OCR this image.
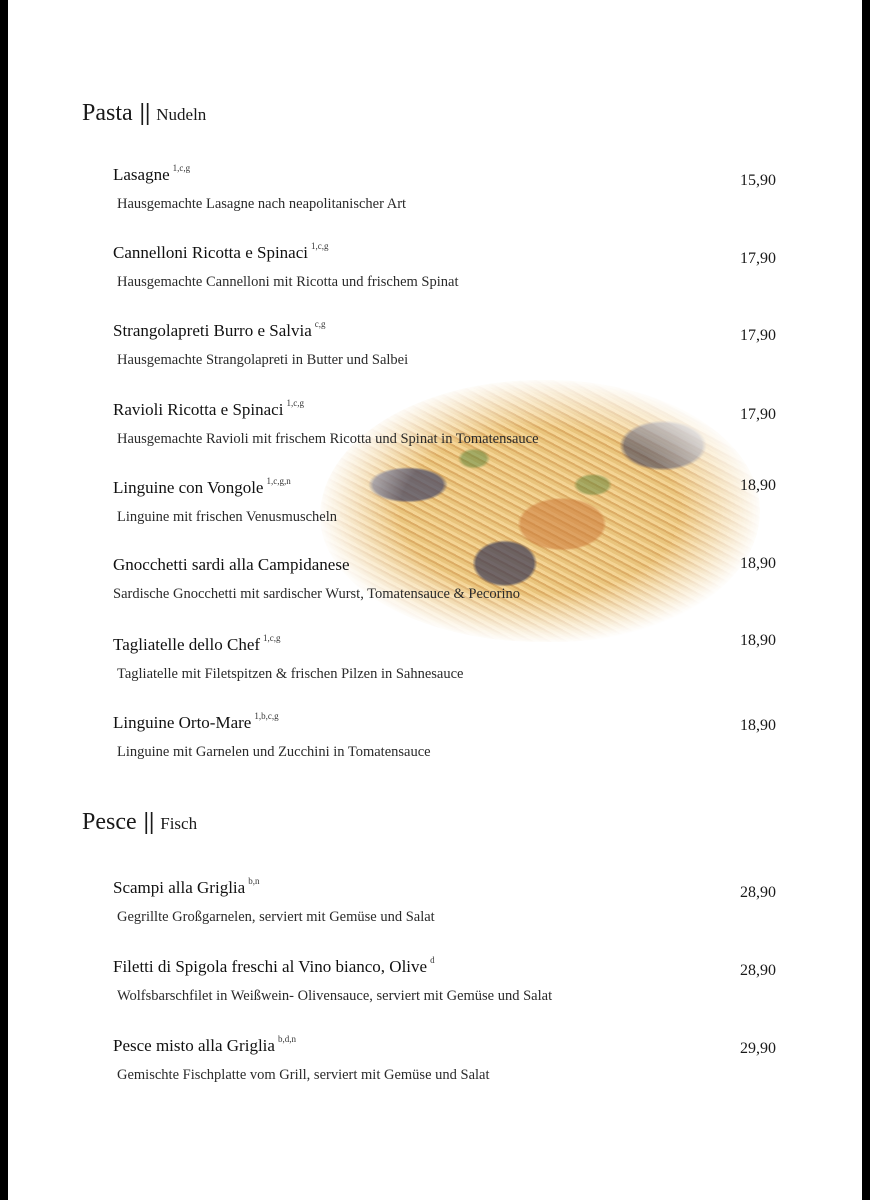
Pasta || Nudeln
Lasagne $^{1,c,g}$
Hausgemachte Lasagne nach neapolitanischer Art
15,90
Cannelloni Ricotta e Spinaci $^{1,c,g}$
Hausgemachte Cannelloni mit Ricotta und frischem Spinat
17,90
Strangolapreti Burro e Salvia $^{c,g}$
Hausgemachte Strangolapreti in Butter und Salbei
17,90
Ravioli Ricotta e Spinaci $^{1,c,g}$
Hausgemachte Ravioli mit frischem Ricotta und Spinat in Tomatensauce
17,90
Linguine con Vongole $^{1,c,g,n}$
Linguine mit frischen Venusmuscheln
18,90
Gnocchetti sardi alla Campidanese
Sardische Gnocchetti mit sardischer Wurst, Tomatensauce & Pecorino
18,90
Tagliatelle dello Chef $^{1,c,g}$
Tagliatelle mit Filetspitzen & frischen Pilzen in Sahnesauce
18,90
Linguine Orto-Mare $^{1,b,c,g}$
Linguine mit Garnelen und Zucchini in Tomatensauce
18,90
Pesce || Fisch
Scampi alla Griglia $^{b,n}$
Gegrillte Großgarnelen, serviert mit Gemüse und Salat
28,90
Filetti di Spigola freschi al Vino bianco, Olive $^d$
Wolfsbarschfilet in Weißwein- Olivensauce, serviert mit Gemüse und Salat
28,90
Pesce misto alla Griglia $^{b,d,n}$
Gemischte Fischplatte vom Grill, serviert mit Gemüse und Salat
29,90
